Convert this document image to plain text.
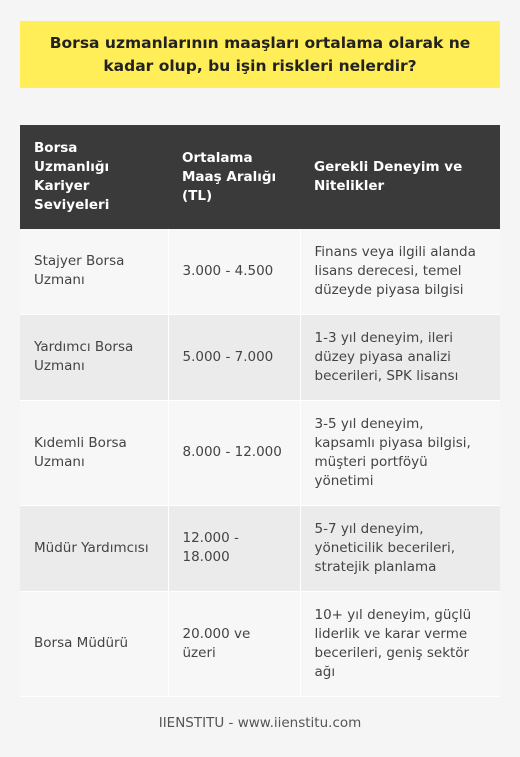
Borsa uzmanlarının maaşları ortalama olarak ne kadar olup, bu işin riskleri nelerdir?
Borsa Uzmanlığı Kariyer Seviyeleri	Ortalama Maaş Aralığı (TL)	Gerekli Deneyim ve Nitelikler
Stajyer Borsa Uzmanı	3.000 - 4.500	Finans veya ilgili alanda lisans derecesi, temel düzeyde piyasa bilgisi
Yardımcı Borsa Uzmanı	5.000 - 7.000	1-3 yıl deneyim, ileri düzey piyasa analizi becerileri, SPK lisansı
Kıdemli Borsa Uzmanı	8.000 - 12.000	3-5 yıl deneyim, kapsamlı piyasa bilgisi, müşteri portföyü yönetimi
Müdür Yardımcısı	12.000 - 18.000	5-7 yıl deneyim, yöneticilik becerileri, stratejik planlama
Borsa Müdürü	20.000 ve üzeri	10+ yıl deneyim, güçlü liderlik ve karar verme becerileri, geniş sektör ağı
IIENSTITU - www.iienstitu.com
